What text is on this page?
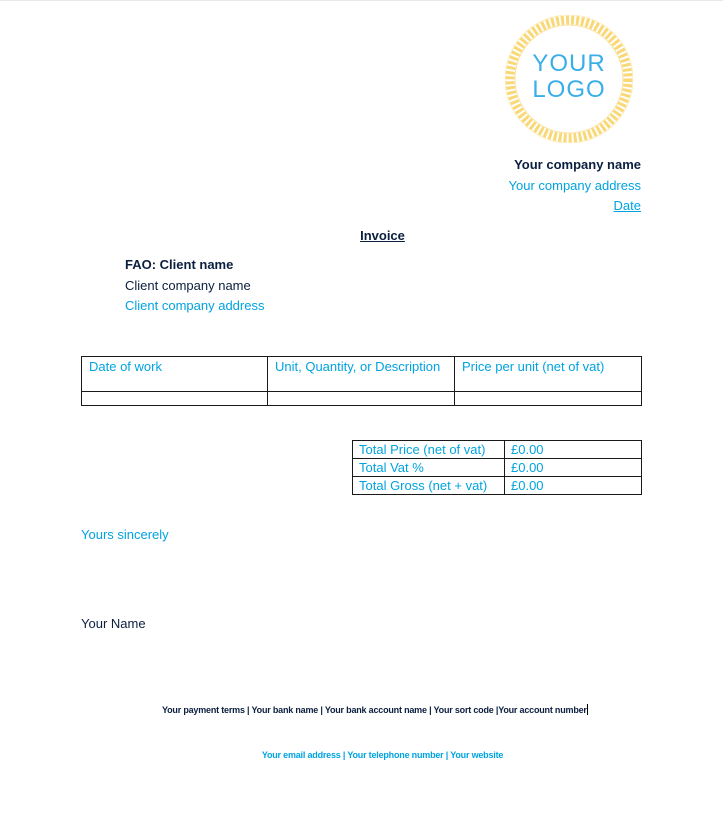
YOUR
LOGO
Your company name
Your company address
Date
Invoice
FAO: Client name
Client company name
Client company address
Date of work	Unit, Quantity, or Description	Price per unit (net of vat)

Total Price (net of vat)	£0.00
Total Vat %	£0.00
Total Gross (net + vat)	£0.00
Yours sincerely
Your Name
Your payment terms | Your bank name | Your bank account name | Your sort code |Your account number
Your email address | Your telephone number | Your website
